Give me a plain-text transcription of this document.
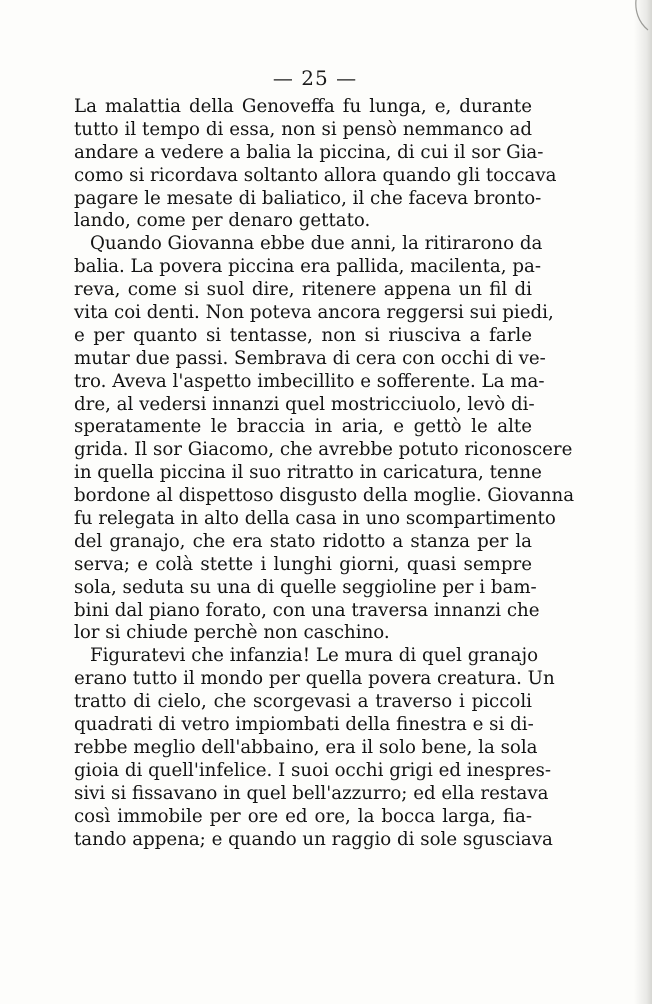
— 25 —
La malattia della Genoveffa fu lunga, e, durante
tutto il tempo di essa, non si pensò nemmanco ad
andare a vedere a balia la piccina, di cui il sor Gia-
como si ricordava soltanto allora quando gli toccava
pagare le mesate di baliatico, il che faceva bronto-
lando, come per denaro gettato.
Quando Giovanna ebbe due anni, la ritirarono da
balia. La povera piccina era pallida, macilenta, pa-
reva, come si suol dire, ritenere appena un fil di
vita coi denti. Non poteva ancora reggersi sui piedi,
e per quanto si tentasse, non si riusciva a farle
mutar due passi. Sembrava di cera con occhi di ve-
tro. Aveva l'aspetto imbecillito e sofferente. La ma-
dre, al vedersi innanzi quel mostricciuolo, levò di-
speratamente le braccia in aria, e gettò le alte
grida. Il sor Giacomo, che avrebbe potuto riconoscere
in quella piccina il suo ritratto in caricatura, tenne
bordone al dispettoso disgusto della moglie. Giovanna
fu relegata in alto della casa in uno scompartimento
del granajo, che era stato ridotto a stanza per la
serva; e colà stette i lunghi giorni, quasi sempre
sola, seduta su una di quelle seggioline per i bam-
bini dal piano forato, con una traversa innanzi che
lor si chiude perchè non caschino.
Figuratevi che infanzia! Le mura di quel granajo
erano tutto il mondo per quella povera creatura. Un
tratto di cielo, che scorgevasi a traverso i piccoli
quadrati di vetro impiombati della finestra e si di-
rebbe meglio dell'abbaino, era il solo bene, la sola
gioia di quell'infelice. I suoi occhi grigi ed inespres-
sivi si fissavano in quel bell'azzurro; ed ella restava
così immobile per ore ed ore, la bocca larga, fia-
tando appena; e quando un raggio di sole sgusciava
